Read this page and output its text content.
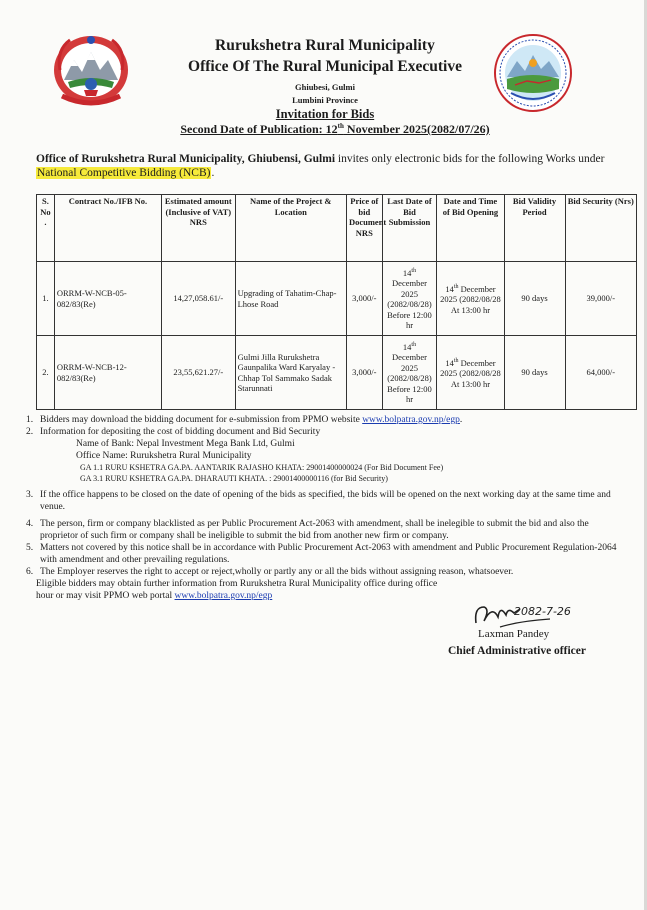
Rurukshetra Rural Municipality
Office Of The Rural Municipal Executive
Ghiubesi, Gulmi
Lumbini Province
Invitation for Bids
Second Date of Publication: 12th November 2025(2082/07/26)
Office of Rurukshetra Rural Municipality, Ghiubensi, Gulmi invites only electronic bids for the following Works under National Competitive Bidding (NCB).
S. No .	Contract No./IFB No.	Estimated amount (Inclusive of VAT) NRS	Name of the Project & Location	Price of bid Document NRS	Last Date of Bid Submission	Date and Time of Bid Opening	Bid Validity Period	Bid Security (Nrs)
1.	ORRM-W-NCB-05-082/83(Re)	14,27,058.61/-	Upgrading of Tahatim-Chap-Lhose Road	3,000/-	14th December 2025 (2082/08/28) Before 12:00 hr	14th December 2025 (2082/08/28 At 13:00 hr	90 days	39,000/-
2.	ORRM-W-NCB-12-082/83(Re)	23,55,621.27/-	Gulmi Jilla Rurukshetra Gaunpalika Ward Karyalay - Chhap Tol Sammako Sadak Starunnati	3,000/-	14th December 2025 (2082/08/28) Before 12:00 hr	14th December 2025 (2082/08/28 At 13:00 hr	90 days	64,000/-
1. Bidders may download the bidding document for e-submission from PPMO website www.bolpatra.gov.np/egp.
2. Information for depositing the cost of bidding document and Bid Security
Name of Bank: Nepal Investment Mega Bank Ltd, Gulmi
Office Name: Rurukshetra Rural Municipality
GA 1.1 RURU KSHETRA GA.PA. AANTARIK RAJASHO KHATA: 29001400000024 (For Bid Document Fee)
GA 3.1 RURU KSHETRA GA.PA. DHARAUTI KHATA. : 29001400000116 (for Bid Security)
3. If the office happens to be closed on the date of opening of the bids as specified, the bids will be opened on the next working day at the same time and venue.
4. The person, firm or company blacklisted as per Public Procurement Act-2063 with amendment, shall be inelegible to submit the bid and also the proprietor of such firm or company shall be ineligible to submit the bid from another new firm or company.
5. Matters not covered by this notice shall be in accordance with Public Procurement Act-2063 with amendment and Public Procurement Regulation-2064 with amendment and other prevailing regulations.
6. The Employer reserves the right to accept or reject,wholly or partly any or all the bids without assigning reason, whatsoever.
Eligible bidders may obtain further information from Rurukshetra Rural Municipality office during office hour or may visit PPMO web portal www.bolpatra.gov.np/egp
2082-7-26
Laxman Pandey
Chief Administrative officer
